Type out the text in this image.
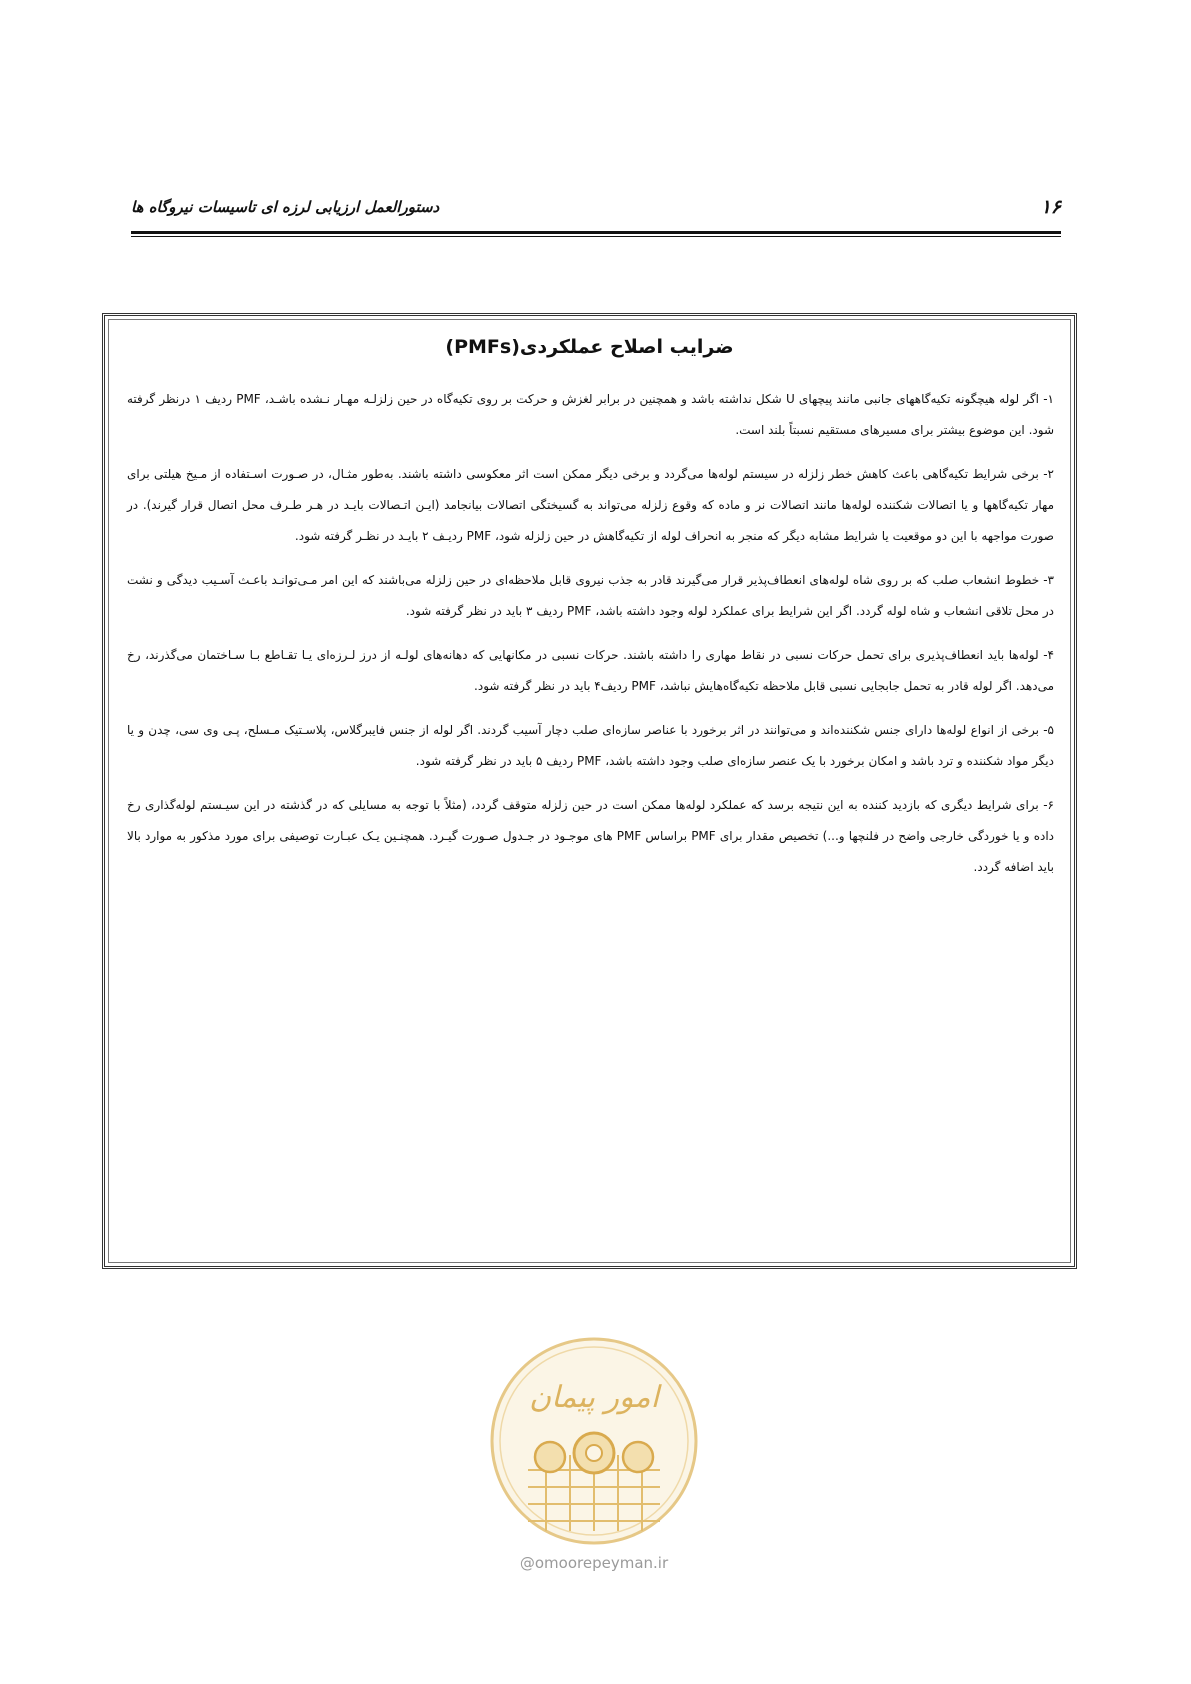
۱۶
دستورالعمل ارزیابی لرزه ای تاسیسات نیروگاه ها
ضرایب اصلاح عملکردی(PMFs)

۱- اگر لوله هیچگونه تکیه‌گاههای جانبی مانند پیچهای U شکل نداشته باشد و همچنین در برابر لغزش و حرکت بر روی تکیه‌گاه در حین زلزلـه مهـار نـشده باشـد، PMF ردیف ۱ درنظر گرفته شود. این موضوع بیشتر برای مسیرهای مستقیم نسبتاً بلند است.

۲- برخی شرایط تکیه‌گاهی باعث کاهش خطر زلزله در سیستم لوله‌ها می‌گردد و برخی دیگر ممکن است اثر معکوسی داشته باشند. به‌طور مثـال، در صـورت اسـتفاده از مـیخ هیلتی برای مهار تکیه‌گاهها و یا اتصالات شکننده لوله‌ها مانند اتصالات نر و ماده که وقوع زلزله می‌تواند به گسیختگی اتصالات بیانجامد (ایـن اتـصالات بایـد در هـر طـرف محل اتصال قرار گیرند). در صورت مواجهه با این دو موقعیت یا شرایط مشابه دیگر که منجر به انحراف لوله از تکیه‌گاهش در حین زلزله شود، PMF ردیـف ۲ بایـد در نظـر گرفته شود.

۳- خطوط انشعاب صلب که بر روی شاه لوله‌های انعطاف‌پذیر قرار می‌گیرند قادر به جذب نیروی قابل ملاحظه‌ای در حین زلزله می‌باشند که این امر مـی‌توانـد باعـث آسـیب دیدگی و نشت در محل تلاقی انشعاب و شاه لوله گردد. اگر این شرایط برای عملکرد لوله وجود داشته باشد، PMF ردیف ۳ باید در نظر گرفته شود.

۴- لوله‌ها باید انعطاف‌پذیری برای تحمل حرکات نسبی در نقاط مهاری را داشته باشند. حرکات نسبی در مکانهایی که دهانه‌های لولـه از درز لـرزه‌ای یـا تقـاطع بـا سـاختمان می‌گذرند، رخ می‌دهد. اگر لوله قادر به تحمل جابجایی نسبی قابل ملاحظه تکیه‌گاه‌هایش نباشد، PMF ردیف۴ باید در نظر گرفته شود.

۵- برخی از انواع لوله‌ها دارای جنس شکننده‌اند و می‌توانند در اثر برخورد با عناصر سازه‌ای صلب دچار آسیب گردند. اگر لوله از جنس فایبرگلاس، پلاسـتیک مـسلح، پـی وی سی، چدن و یا دیگر مواد شکننده و ترد باشد و امکان برخورد با یک عنصر سازه‌ای صلب وجود داشته باشد، PMF ردیف ۵ باید در نظر گرفته شود.

۶- برای شرایط دیگری که بازدید کننده به این نتیجه برسد که عملکرد لوله‌ها ممکن است در حین زلزله متوقف گردد، (مثلاً با توجه به مسایلی که در گذشته در این سیـستم لوله‌گذاری رخ داده و یا خوردگی خارجی واضح در فلنچها و...) تخصیص مقدار برای PMF براساس PMF های موجـود در جـدول صـورت گیـرد. همچنـین یـک عبـارت توصیفی برای مورد مذکور به موارد بالا باید اضافه گردد.

امور پیمان
@omoorepeyman.ir
